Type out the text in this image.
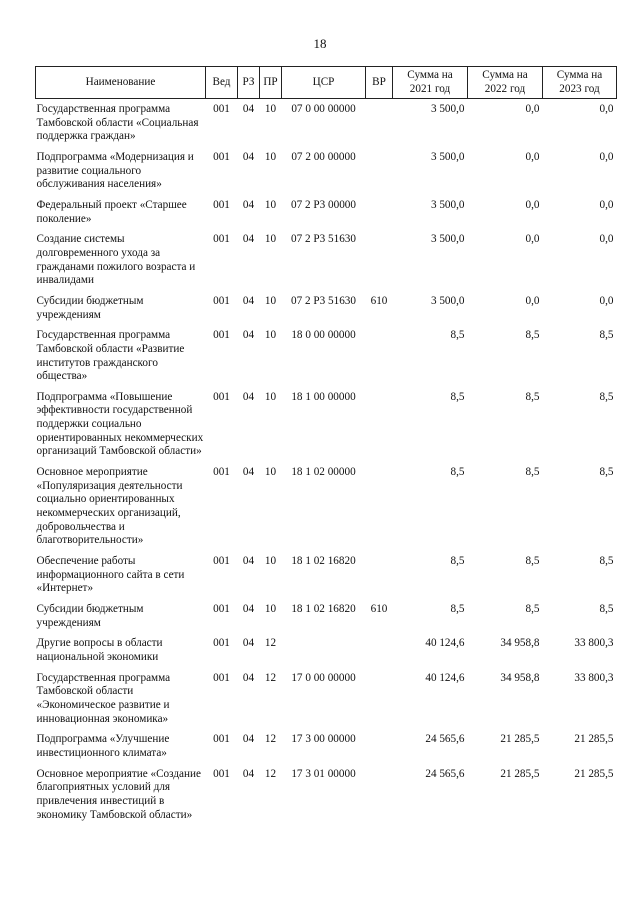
18
Наименование	Вед	РЗ	ПР	ЦСР	ВР	Сумма на 2021 год	Сумма на 2022 год	Сумма на 2023 год
Государственная программа Тамбовской области «Социальная поддержка граждан»	001	04	10	07 0 00 00000		3 500,0	0,0	0,0
Подпрограмма «Модернизация и развитие социального обслуживания населения»	001	04	10	07 2 00 00000		3 500,0	0,0	0,0
Федеральный проект «Старшее поколение»	001	04	10	07 2 Р3 00000		3 500,0	0,0	0,0
Создание системы долговременного ухода за гражданами пожилого возраста и инвалидами	001	04	10	07 2 Р3 51630		3 500,0	0,0	0,0
Субсидии бюджетным учреждениям	001	04	10	07 2 Р3 51630	610	3 500,0	0,0	0,0
Государственная программа Тамбовской области «Развитие институтов гражданского общества»	001	04	10	18 0 00 00000		8,5	8,5	8,5
Подпрограмма «Повышение эффективности государственной поддержки социально ориентированных некоммерческих организаций Тамбовской области»	001	04	10	18 1 00 00000		8,5	8,5	8,5
Основное мероприятие «Популяризация деятельности социально ориентированных некоммерческих организаций, добровольчества и благотворительности»	001	04	10	18 1 02 00000		8,5	8,5	8,5
Обеспечение работы информационного сайта в сети «Интернет»	001	04	10	18 1 02 16820		8,5	8,5	8,5
Субсидии бюджетным учреждениям	001	04	10	18 1 02 16820	610	8,5	8,5	8,5
Другие вопросы в области национальной экономики	001	04	12			40 124,6	34 958,8	33 800,3
Государственная программа Тамбовской области «Экономическое развитие и инновационная экономика»	001	04	12	17 0 00 00000		40 124,6	34 958,8	33 800,3
Подпрограмма «Улучшение инвестиционного климата»	001	04	12	17 3 00 00000		24 565,6	21 285,5	21 285,5
Основное мероприятие «Создание благоприятных условий для привлечения инвестиций в экономику Тамбовской области»	001	04	12	17 3 01 00000		24 565,6	21 285,5	21 285,5
